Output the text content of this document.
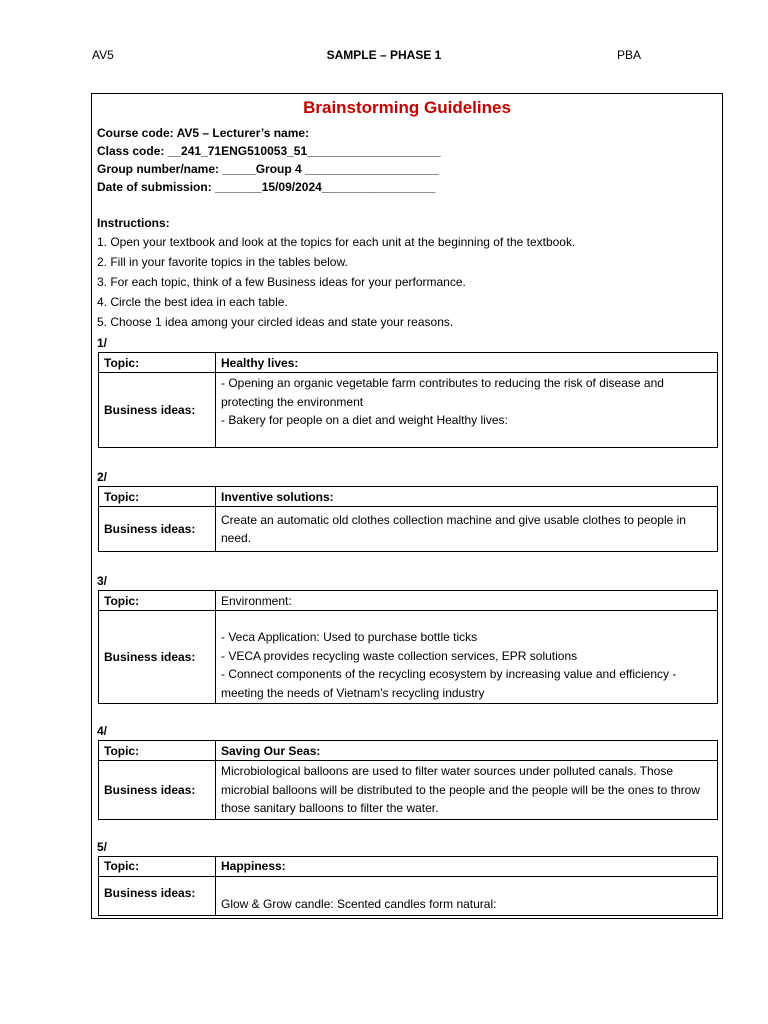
AV5	SAMPLE – PHASE 1	PBA
Brainstorming Guidelines
Course code: AV5 – Lecturer’s name:
Class code: __241_71ENG510053_51____________________
Group number/name: _____Group 4 ____________________
Date of submission: _______15/09/2024_________________
Instructions:
1. Open your textbook and look at the topics for each unit at the beginning of the textbook.
2. Fill in your favorite topics in the tables below.
3. For each topic, think of a few Business ideas for your performance.
4. Circle the best idea in each table.
5. Choose 1 idea among your circled ideas and state your reasons.
1/
Topic:	Healthy lives:
Business ideas:	- Opening an organic vegetable farm contributes to reducing the risk of disease and protecting the environment
- Bakery for people on a diet and weight Healthy lives:
2/
Topic:	Inventive solutions:
Business ideas:	Create an automatic old clothes collection machine and give usable clothes to people in need.
3/
Topic:	Environment:
Business ideas:	- Veca Application: Used to purchase bottle ticks
- VECA provides recycling waste collection services, EPR solutions
- Connect components of the recycling ecosystem by increasing value and efficiency - meeting the needs of Vietnam's recycling industry
4/
Topic:	Saving Our Seas:
Business ideas:	Microbiological balloons are used to filter water sources under polluted canals. Those microbial balloons will be distributed to the people and the people will be the ones to throw those sanitary balloons to filter the water.
5/
Topic:	Happiness:
Business ideas:	Glow & Grow candle: Scented candles form natural:
